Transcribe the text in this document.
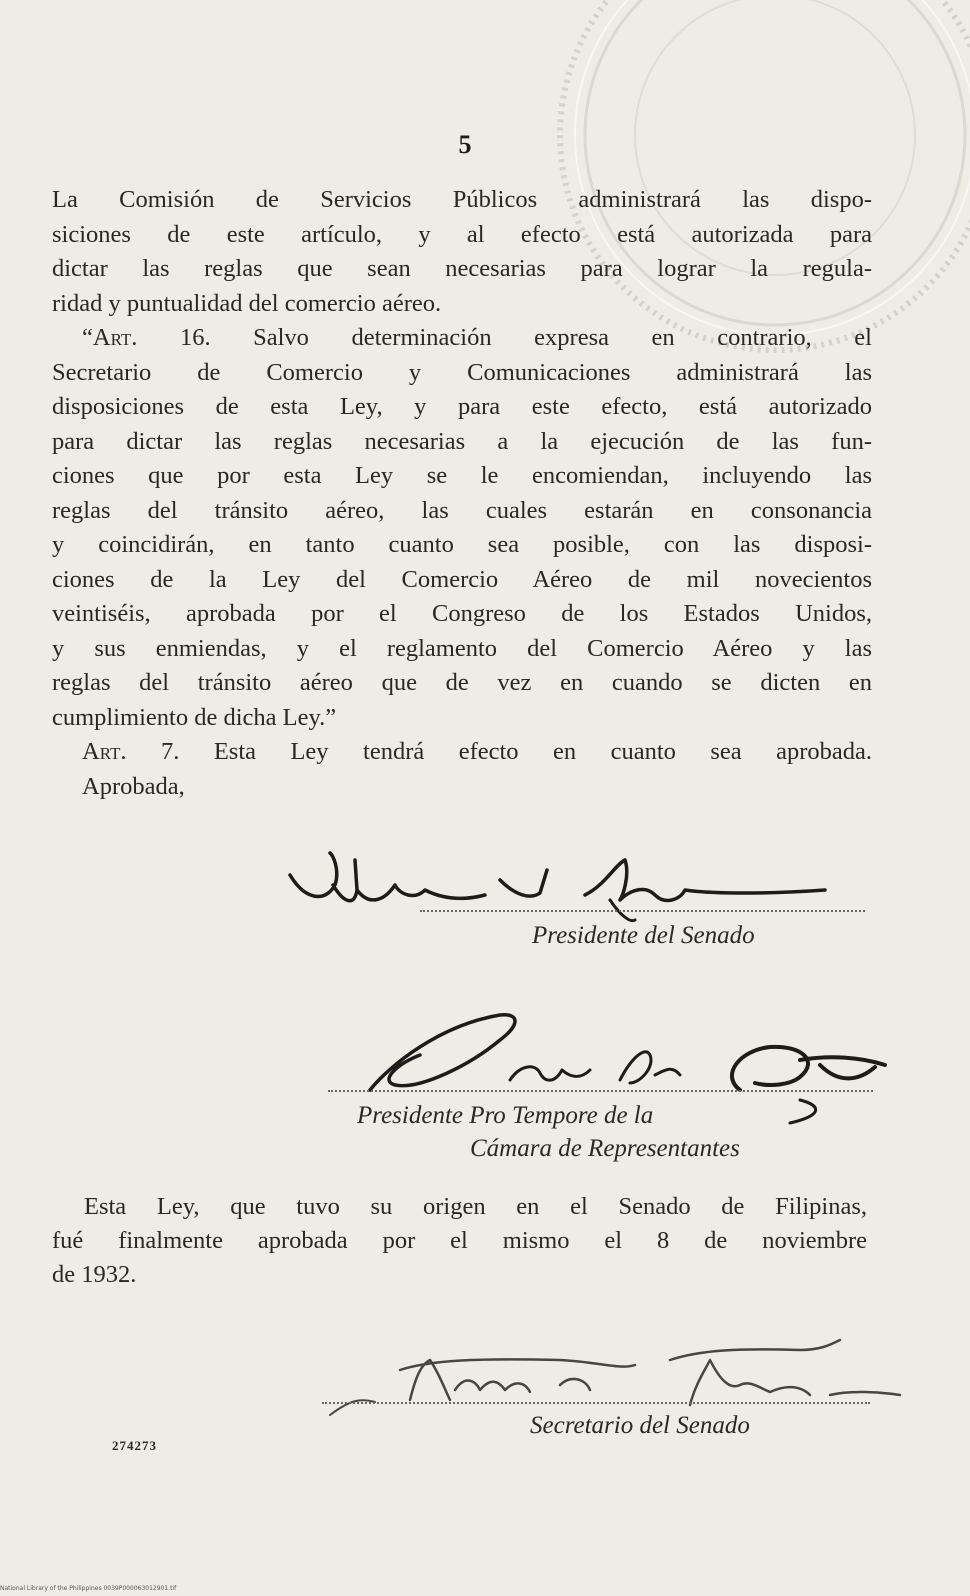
5
La Comisión de Servicios Públicos administrará las dispo-
siciones de este artículo, y al efecto está autorizada para
dictar las reglas que sean necesarias para lograr la regula-
ridad y puntualidad del comercio aéreo.
“Art. 16. Salvo determinación expresa en contrario, el
Secretario de Comercio y Comunicaciones administrará las
disposiciones de esta Ley, y para este efecto, está autorizado
para dictar las reglas necesarias a la ejecución de las fun-
ciones que por esta Ley se le encomiendan, incluyendo las
reglas del tránsito aéreo, las cuales estarán en consonancia
y coincidirán, en tanto cuanto sea posible, con las disposi-
ciones de la Ley del Comercio Aéreo de mil novecientos
veintiséis, aprobada por el Congreso de los Estados Unidos,
y sus enmiendas, y el reglamento del Comercio Aéreo y las
reglas del tránsito aéreo que de vez en cuando se dicten en
cumplimiento de dicha Ley.”
Art. 7. Esta Ley tendrá efecto en cuanto sea aprobada.
Aprobada,
Presidente del Senado
Presidente Pro Tempore de la
Cámara de Representantes
Esta Ley, que tuvo su origen en el Senado de Filipinas,
fué finalmente aprobada por el mismo el 8 de noviembre
de 1932.
Secretario del Senado
274273
National Library of the Philippines 0039P000063012901.tif
